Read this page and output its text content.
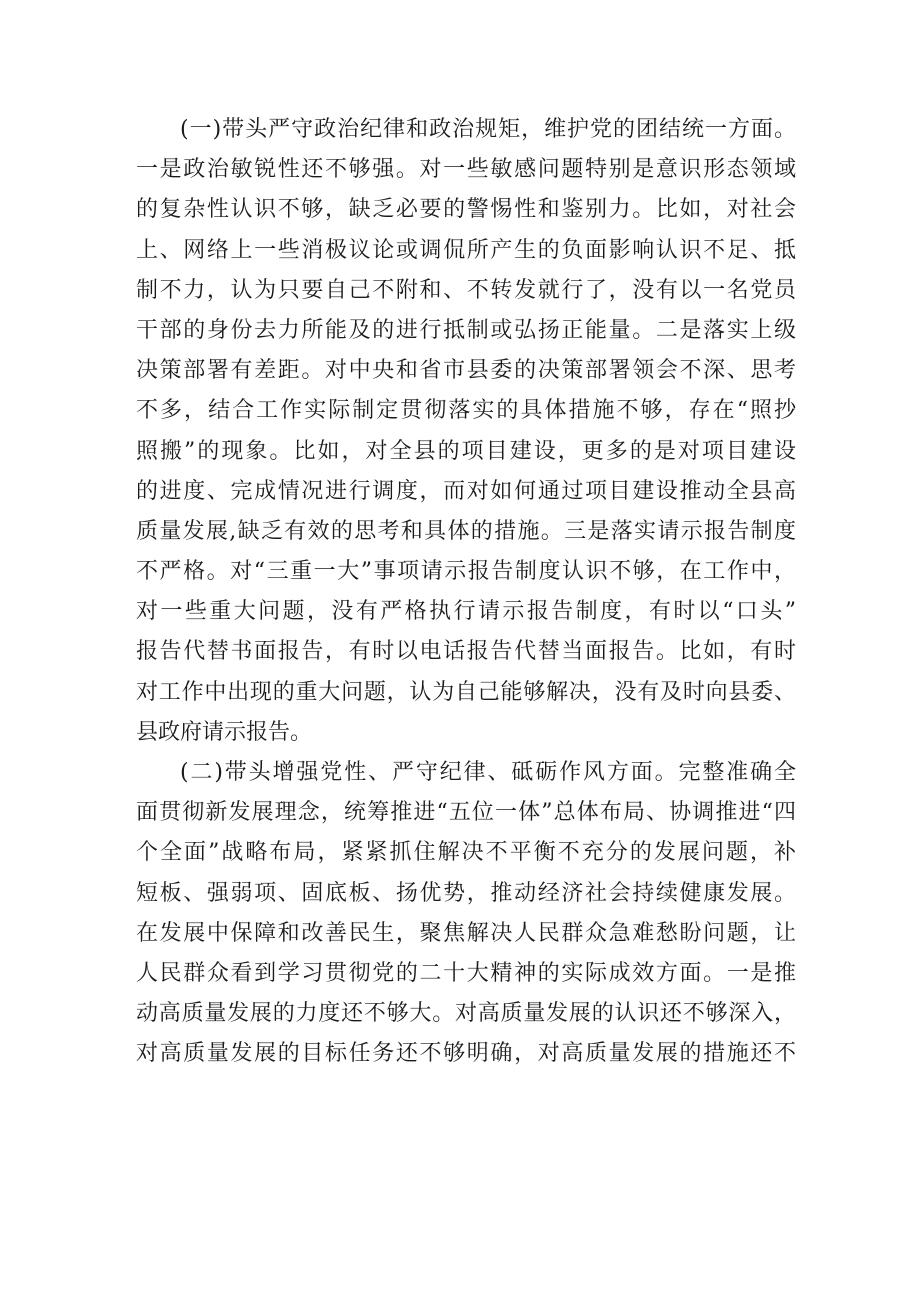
(一)带头严守政治纪律和政治规矩，维护党的团结统一方面。
一是政治敏锐性还不够强。对一些敏感问题特别是意识形态领域
的复杂性认识不够，缺乏必要的警惕性和鉴别力。比如，对社会
上、网络上一些消极议论或调侃所产生的负面影响认识不足、抵
制不力，认为只要自己不附和、不转发就行了，没有以一名党员
干部的身份去力所能及的进行抵制或弘扬正能量。二是落实上级
决策部署有差距。对中央和省市县委的决策部署领会不深、思考
不多，结合工作实际制定贯彻落实的具体措施不够，存在“照抄
照搬”的现象。比如，对全县的项目建设，更多的是对项目建设
的进度、完成情况进行调度，而对如何通过项目建设推动全县高
质量发展,缺乏有效的思考和具体的措施。三是落实请示报告制度
不严格。对“三重一大”事项请示报告制度认识不够，在工作中，
对一些重大问题，没有严格执行请示报告制度，有时以“口头”
报告代替书面报告，有时以电话报告代替当面报告。比如，有时
对工作中出现的重大问题，认为自己能够解决，没有及时向县委、
县政府请示报告。
(二)带头增强党性、严守纪律、砥砺作风方面。完整准确全
面贯彻新发展理念，统筹推进“五位一体”总体布局、协调推进“四
个全面”战略布局，紧紧抓住解决不平衡不充分的发展问题，补
短板、强弱项、固底板、扬优势，推动经济社会持续健康发展。
在发展中保障和改善民生，聚焦解决人民群众急难愁盼问题，让
人民群众看到学习贯彻党的二十大精神的实际成效方面。一是推
动高质量发展的力度还不够大。对高质量发展的认识还不够深入，
对高质量发展的目标任务还不够明确，对高质量发展的措施还不
